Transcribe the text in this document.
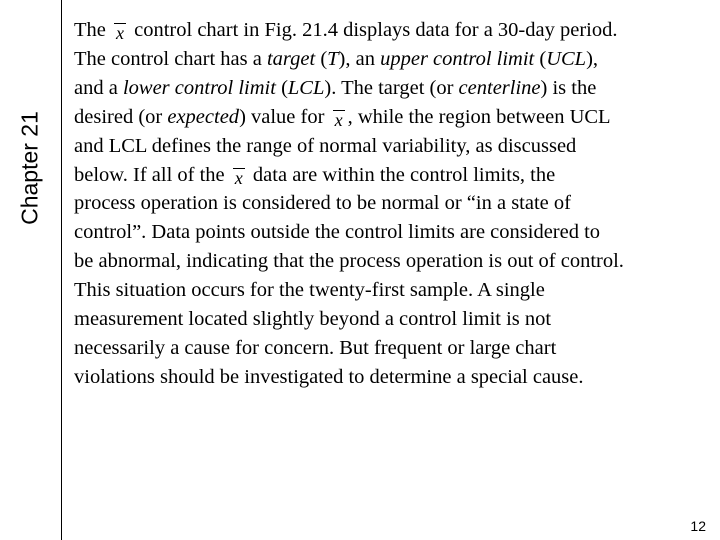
Chapter 21

The x control chart in Fig. 21.4 displays data for a 30-day period.
The control chart has a target (T), an upper control limit (UCL),
and a lower control limit (LCL). The target (or centerline) is the
desired (or expected) value for x , while the region between UCL
and LCL defines the range of normal variability, as discussed
below. If all of the x data are within the control limits, the
process operation is considered to be normal or “in a state of
control”. Data points outside the control limits are considered to
be abnormal, indicating that the process operation is out of control.
This situation occurs for the twenty-first sample. A single
measurement located slightly beyond a control limit is not
necessarily a cause for concern. But frequent or large chart
violations should be investigated to determine a special cause.

12
